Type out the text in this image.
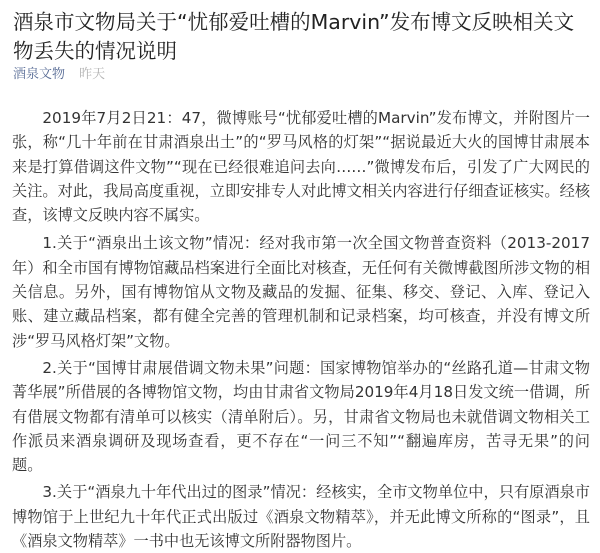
酒泉市文物局关于“忧郁爱吐槽的Marvin”发布博文反映相关文物丢失的情况说明
酒泉文物 昨天

2019年7月2日21：47，微博账号“忧郁爱吐槽的Marvin”发布博文，并附图片一张，称“几十年前在甘肃酒泉出土”的“罗马风格的灯架”“据说最近大火的国博甘肃展本来是打算借调这件文物”“现在已经很难追问去向……”微博发布后，引发了广大网民的关注。对此，我局高度重视，立即安排专人对此博文相关内容进行仔细查证核实。经核查，该博文反映内容不属实。

1.关于“酒泉出土该文物”情况：经对我市第一次全国文物普查资料（2013-2017年）和全市国有博物馆藏品档案进行全面比对核查，无任何有关微博截图所涉文物的相关信息。另外，国有博物馆从文物及藏品的发掘、征集、移交、登记、入库、登记入账、建立藏品档案，都有健全完善的管理机制和记录档案，均可核查，并没有博文所涉“罗马风格灯架”文物。

2.关于“国博甘肃展借调文物未果”问题：国家博物馆举办的“丝路孔道—甘肃文物菁华展”所借展的各博物馆文物，均由甘肃省文物局2019年4月18日发文统一借调，所有借展文物都有清单可以核实（清单附后）。另，甘肃省文物局也未就借调文物相关工作派员来酒泉调研及现场查看，更不存在“一问三不知”“翻遍库房，苦寻无果”的问题。

3.关于“酒泉九十年代出过的图录”情况：经核实，全市文物单位中，只有原酒泉市博物馆于上世纪九十年代正式出版过《酒泉文物精萃》，并无此博文所称的“图录”，且《酒泉文物精萃》一书中也无该博文所附器物图片。
